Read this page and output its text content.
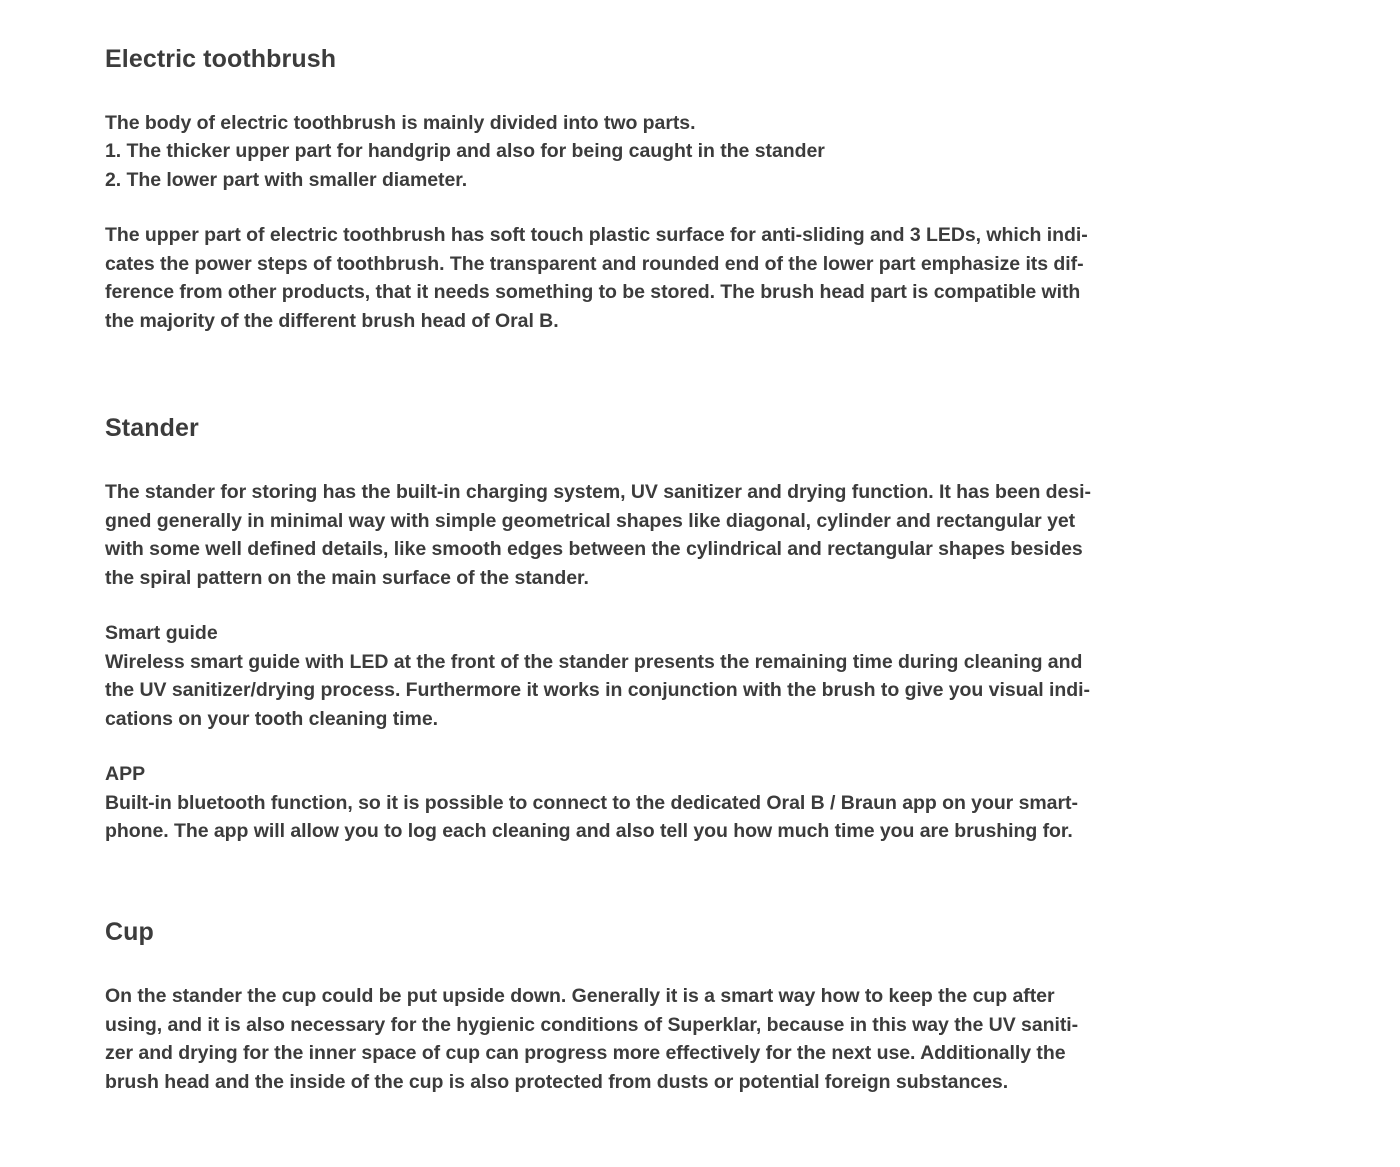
Electric toothbrush

The body of electric toothbrush is mainly divided into two parts.
1. The thicker upper part for handgrip and also for being caught in the stander
2. The lower part with smaller diameter.

The upper part of electric toothbrush has soft touch plastic surface for anti-sliding and 3 LEDs, which indi-
cates the power steps of toothbrush. The transparent and rounded end of the lower part emphasize its dif-
ference from other products, that it needs something to be stored. The brush head part is compatible with
the majority of the different brush head of Oral B.

Stander

The stander for storing has the built-in charging system, UV sanitizer and drying function. It has been desi-
gned generally in minimal way with simple geometrical shapes like diagonal, cylinder and rectangular yet
with some well defined details, like smooth edges between the cylindrical and rectangular shapes besides
the spiral pattern on the main surface of the stander.

Smart guide

Wireless smart guide with LED at the front of the stander presents the remaining time during cleaning and
the UV sanitizer/drying process. Furthermore it works in conjunction with the brush to give you visual indi-
cations on your tooth cleaning time.

APP

Built-in bluetooth function, so it is possible to connect to the dedicated Oral B / Braun app on your smart-
phone. The app will allow you to log each cleaning and also tell you how much time you are brushing for.

Cup

On the stander the cup could be put upside down. Generally it is a smart way how to keep the cup after
using, and it is also necessary for the hygienic conditions of Superklar, because in this way the UV saniti-
zer and drying for the inner space of cup can progress more effectively for the next use. Additionally the
brush head and the inside of the cup is also protected from dusts or potential foreign substances.
